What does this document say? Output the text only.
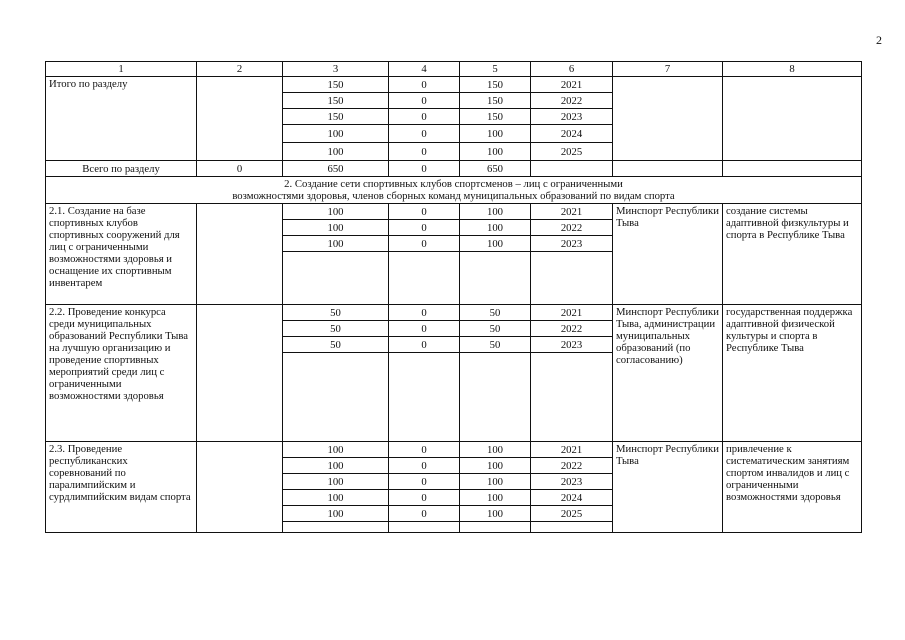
2
1	2	3	4	5	6	7	8
Итого по разделу		150	0	150	2021		
		150	0	150	2022		
		150	0	150	2023		
		100	0	100	2024		
		100	0	100	2025		
Всего по разделу	0	650	0	650			

2. Создание сети спортивных клубов спортсменов – лиц с ограниченными
возможностями здоровья, членов сборных команд муниципальных образований по видам спорта							

2.1. Создание на базе спортивных клубов спортивных сооружений для лиц с ограниченными возможностями здоровья и оснащение их спортивным инвентарем		100	0	100	2021	Минспорт Республики Тыва	создание системы адаптивной физкультуры и спорта в Республике Тыва
		100	0	100	2022		
		100	0	100	2023		

2.2. Проведение конкурса среди муниципальных образований Республики Тыва на лучшую организацию и проведение спортивных мероприятий среди лиц с ограниченными возможностями здоровья		50	0	50	2021	Минспорт Республики Тыва, администрации муниципальных образований (по согласованию)	государственная поддержка адаптивной физической культуры и спорта в Республике Тыва
		50	0	50	2022		
		50	0	50	2023		

2.3. Проведение республиканских соревнований по паралимпийским и сурдлимпийским видам спорта		100	0	100	2021	Минспорт Республики Тыва	привлечение к систематическим занятиям спортом инвалидов и лиц с ограниченными возможностями здоровья
		100	0	100	2022		
		100	0	100	2023		
		100	0	100	2024		
		100	0	100	2025		
